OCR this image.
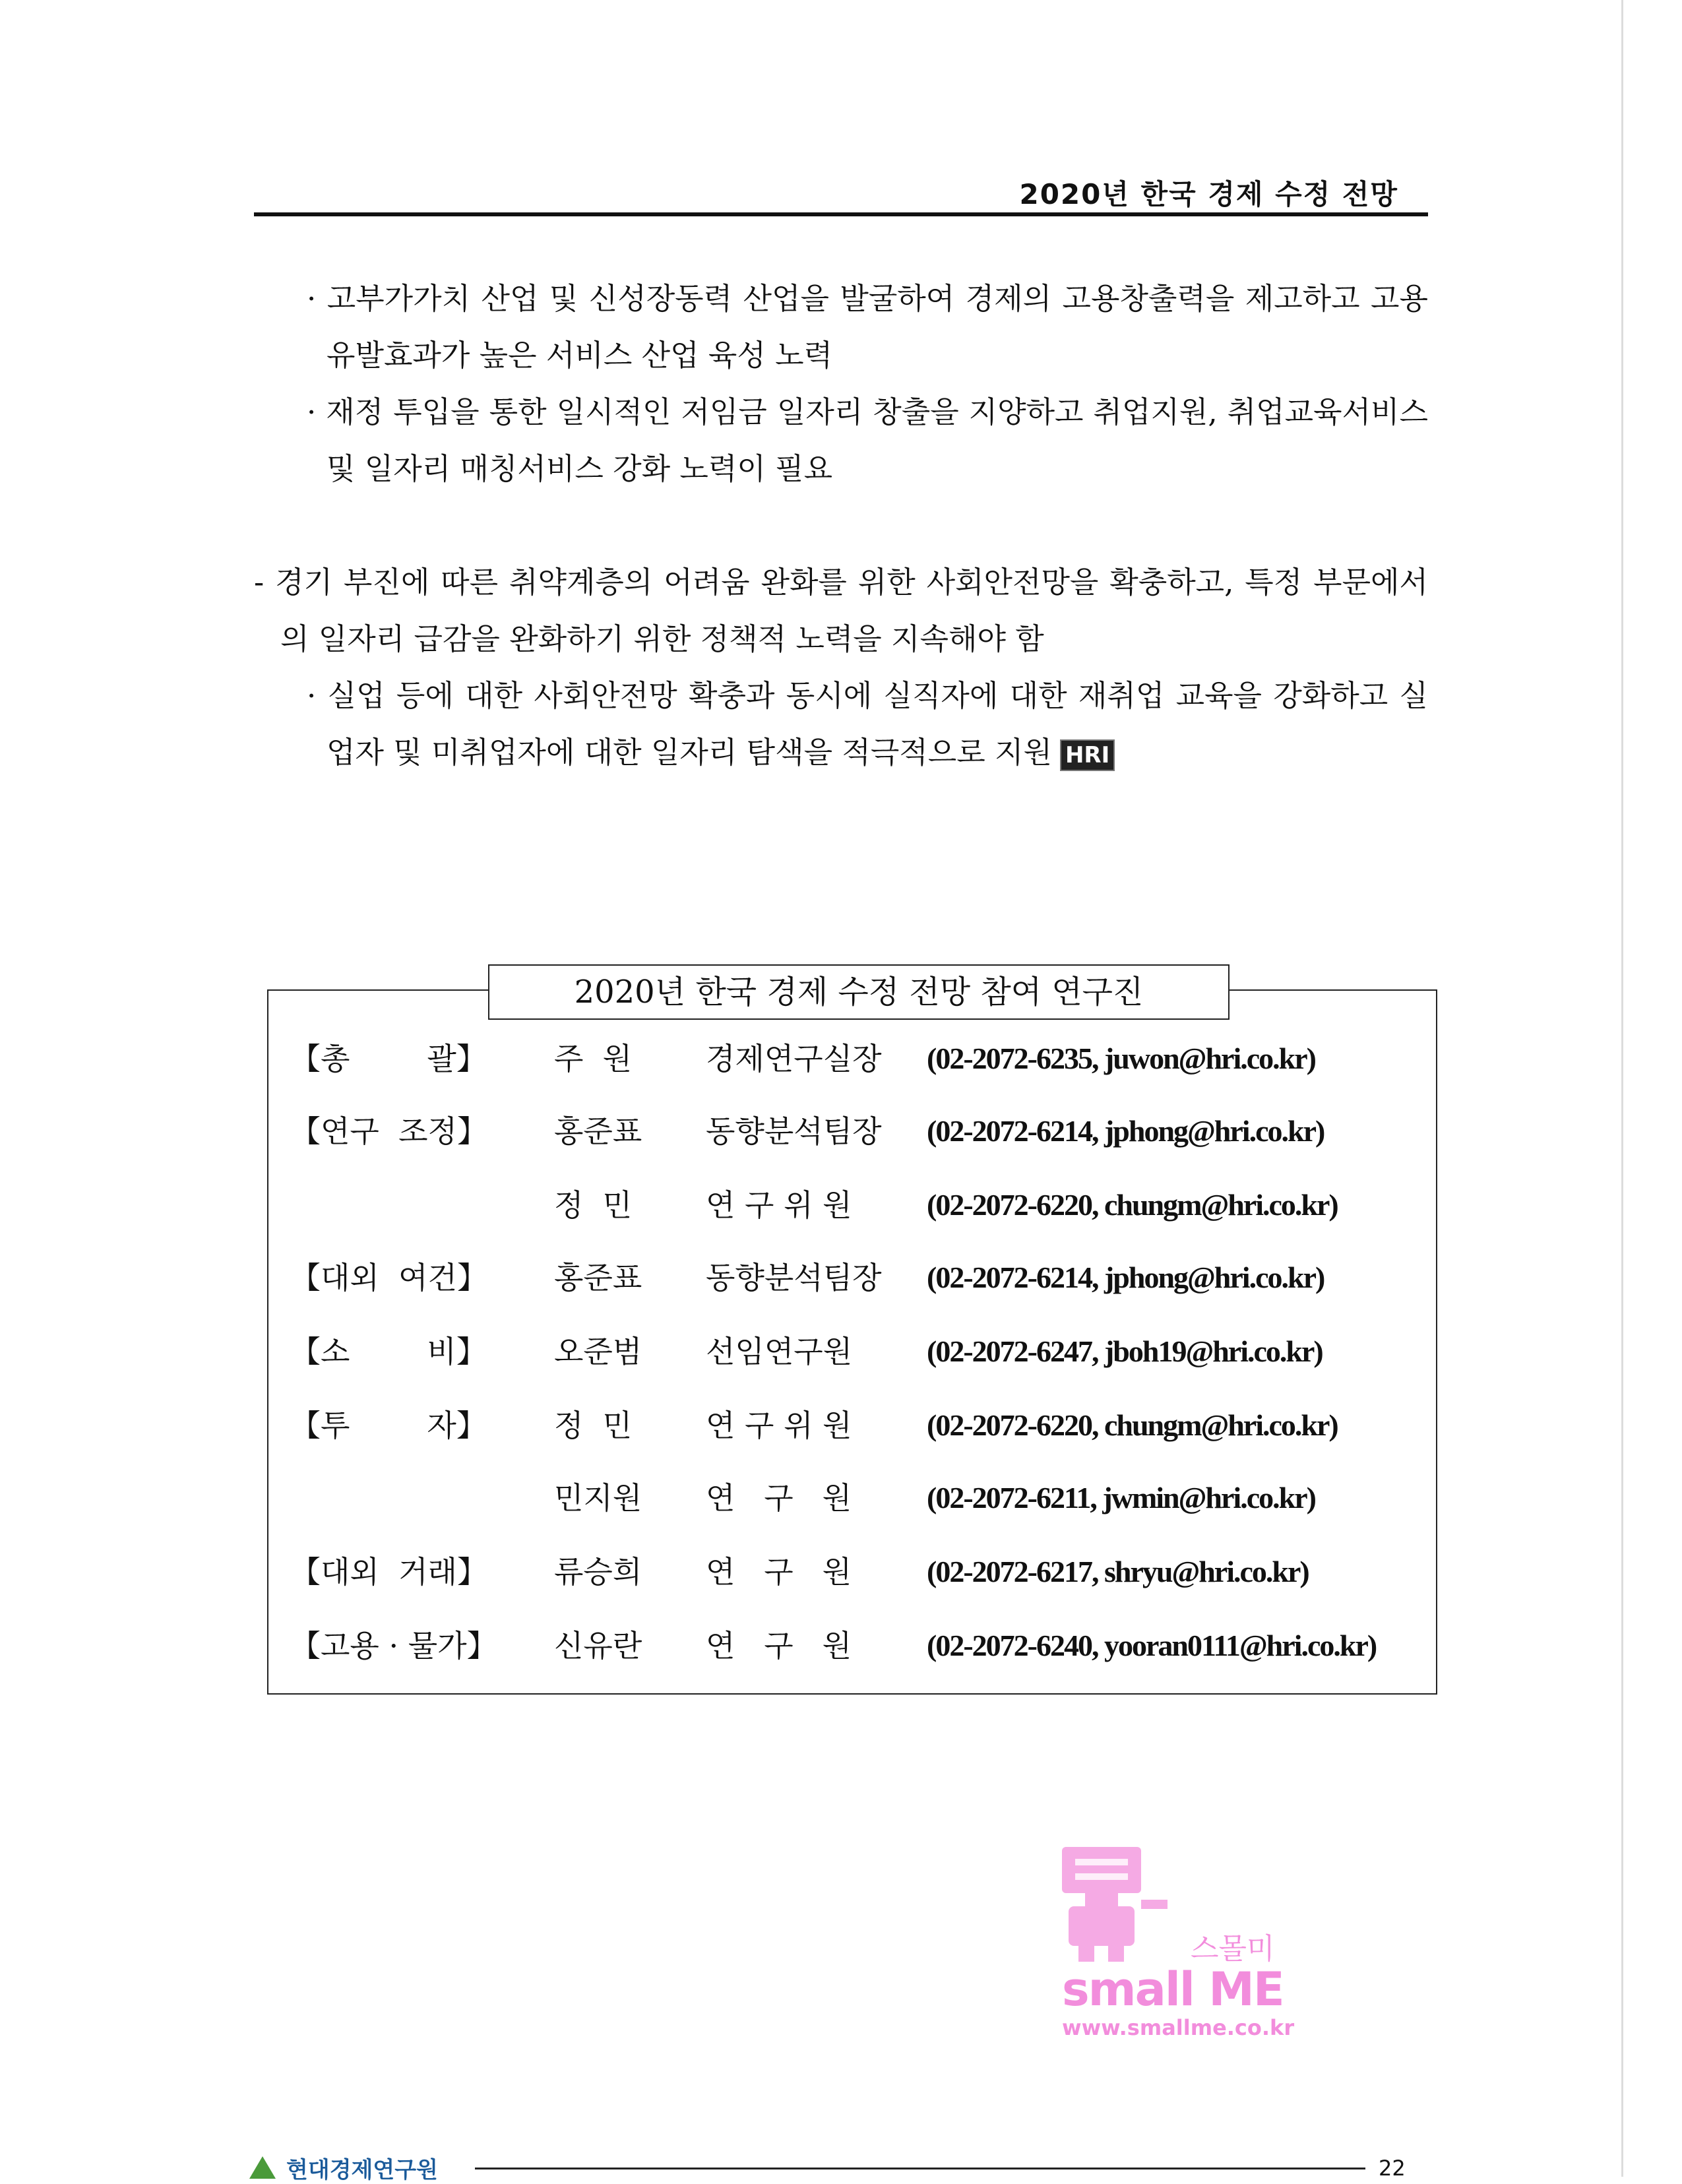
2020년 한국 경제 수정 전망
· 고부가가치 산업 및 신성장동력 산업을 발굴하여 경제의 고용창출력을 제고하고 고용유발효과가 높은 서비스 산업 육성 노력
· 재정 투입을 통한 일시적인 저임금 일자리 창출을 지양하고 취업지원, 취업교육서비스 및 일자리 매칭서비스 강화 노력이 필요
- 경기 부진에 따른 취약계층의 어려움 완화를 위한 사회안전망을 확충하고, 특정 부문에서의 일자리 급감을 완화하기 위한 정책적 노력을 지속해야 함
· 실업 등에 대한 사회안전망 확충과 동시에 실직자에 대한 재취업 교육을 강화하고 실업자 및 미취업자에 대한 일자리 탐색을 적극적으로 지원 HRI
2020년 한국 경제 수정 전망 참여 연구진
【총        괄】 주  원	경제연구실장 (02-2072-6235, juwon@hri.co.kr)
【연구  조정】 홍준표	동향분석팀장 (02-2072-6214, jphong@hri.co.kr)
정  민	연 구 위 원	(02-2072-6220, chungm@hri.co.kr)
【대외  여건】 홍준표	동향분석팀장 (02-2072-6214, jphong@hri.co.kr)
【소        비】 오준범	선임연구원	(02-2072-6247, jboh19@hri.co.kr)
【투        자】 정  민	연 구 위 원	(02-2072-6220, chungm@hri.co.kr)
민지원	연   구   원	(02-2072-6211, jwmin@hri.co.kr)
【대외  거래】 류승희	연   구   원	(02-2072-6217, shryu@hri.co.kr)
【고용 · 물가】 신유란	연   구   원	(02-2072-6240, yooran0111@hri.co.kr)
스몰미
small ME
www.smallme.co.kr
현대경제연구원	22
